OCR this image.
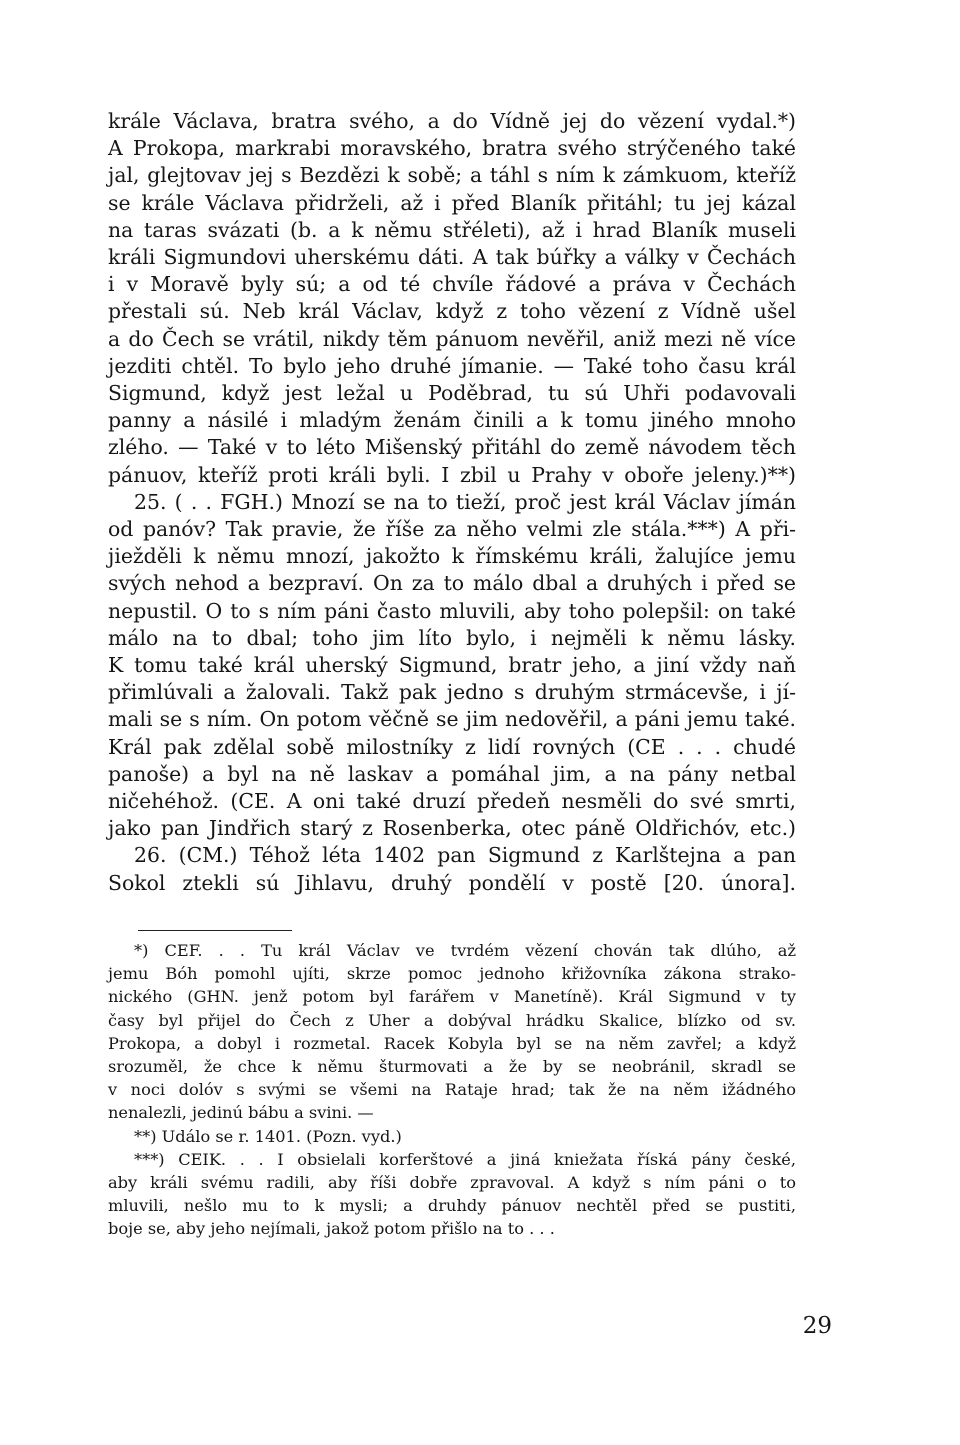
krále Václava, bratra svého, a do Vídně jej do vězení vydal.*)

A Prokopa, markrabi moravského, bratra svého strýčeného také

jal, glejtovav jej s Bezdězi k sobě; a táhl s ním k zámkuom, kteříž

se krále Václava přidrželi, až i před Blaník přitáhl; tu jej kázal

na taras svázati (b. a k němu střéleti), až i hrad Blaník museli

králi Sigmundovi uherskému dáti. A tak búřky a války v Čechách

i v Moravě byly sú; a od té chvíle řádové a práva v Čechách

přestali sú. Neb král Václav, když z toho vězení z Vídně ušel

a do Čech se vrátil, nikdy těm pánuom nevěřil, aniž mezi ně více

jezditi chtěl. To bylo jeho druhé jímanie. — Také toho času král

Sigmund, když jest ležal u Poděbrad, tu sú Uhři podavovali

panny a násilé i mladým ženám činili a k tomu jiného mnoho

zlého. — Také v to léto Mišenský přitáhl do země návodem těch

pánuov, kteříž proti králi byli. I zbil u Prahy v oboře jeleny.)**)

25. ( . . FGH.) Mnozí se na to tieží, proč jest král Václav jímán

od panóv? Tak pravie, že říše za něho velmi zle stála.***) A při-

jiežděli k němu mnozí, jakožto k římskému králi, žalujíce jemu

svých nehod a bezpraví. On za to málo dbal a druhých i před se

nepustil. O to s ním páni často mluvili, aby toho polepšil: on také

málo na to dbal; toho jim líto bylo, i nejměli k němu lásky.

K tomu také král uherský Sigmund, bratr jeho, a jiní vždy naň

přimlúvali a žalovali. Takž pak jedno s druhým strmácevše, i jí-

mali se s ním. On potom věčně se jim nedověřil, a páni jemu také.

Král pak zdělal sobě milostníky z lidí rovných (CE . . . chudé

panoše) a byl na ně laskav a pomáhal jim, a na pány netbal

ničehéhož. (CE. A oni také druzí předeň nesměli do své smrti,

jako pan Jindřich starý z Rosenberka, otec páně Oldřichóv, etc.)

26. (CM.) Téhož léta 1402 pan Sigmund z Karlštejna a pan

Sokol ztekli sú Jihlavu, druhý pondělí v postě [20. února].

*) CEF. . . Tu král Václav ve tvrdém vězení chován tak dlúho, až

jemu Bóh pomohl ujíti, skrze pomoc jednoho křižovníka zákona strako-

nického (GHN. jenž potom byl farářem v Manetíně). Král Sigmund v ty

časy byl přijel do Čech z Uher a dobýval hrádku Skalice, blízko od sv.

Prokopa, a dobyl i rozmetal. Racek Kobyla byl se na něm zavřel; a když

srozuměl, že chce k němu šturmovati a že by se neobránil, skradl se

v noci dolóv s svými se všemi na Rataje hrad; tak že na něm ižádného

nenalezli, jedinú bábu a svini. —

**) Událo se r. 1401. (Pozn. vyd.)

***) CEIK. . . I obsielali korferštové a jiná kniežata říská pány české,

aby králi svému radili, aby říši dobře zpravoval. A když s ním páni o to

mluvili, nešlo mu to k mysli; a druhdy pánuov nechtěl před se pustiti,

boje se, aby jeho nejímali, jakož potom přišlo na to . . .

29
